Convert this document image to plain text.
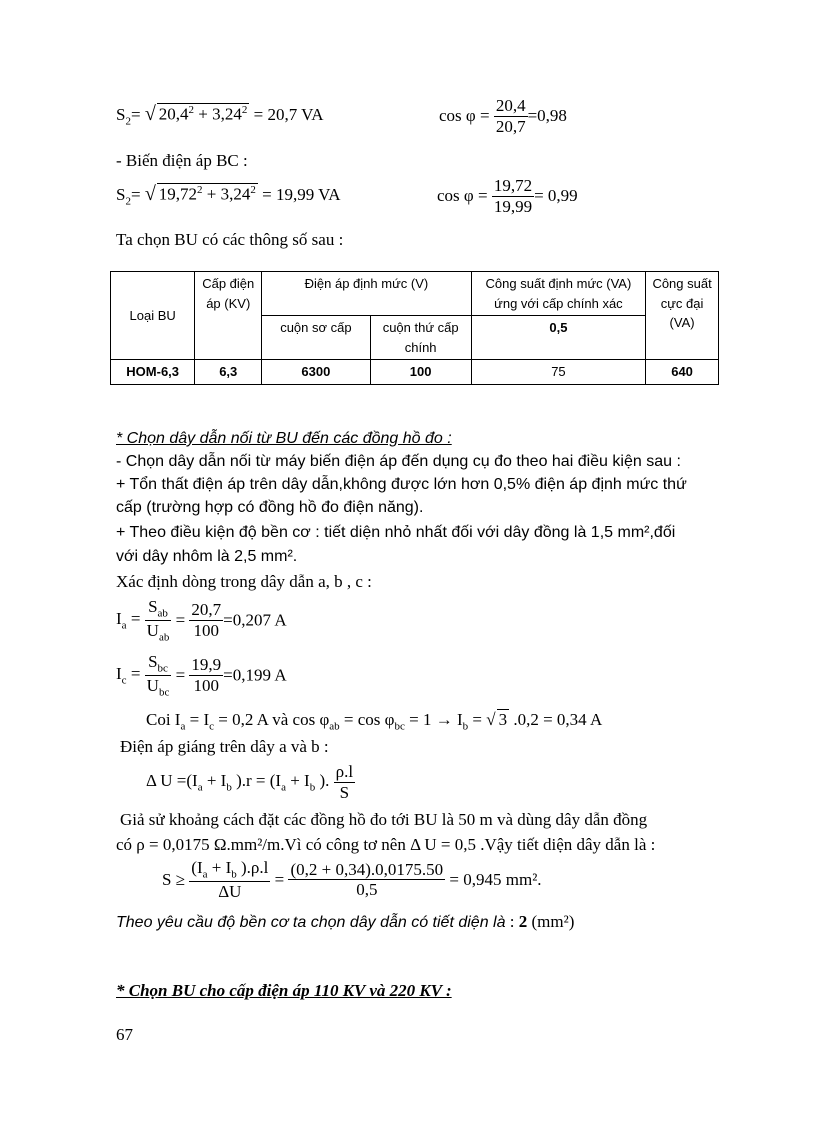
$S_2=$ √ $20,4^2 + 3,24^2 = 20,7$ VA	$\cos \varphi = \frac{20,4}{20,7} =0,98$
- Biến điện áp BC :
$S_2=$ √ $19,72^2 + 3,24^2 = 19,99$ VA	$\cos \varphi = \frac{19,72}{19,99} = 0,99$
Ta chọn BU có các thông số sau :
Loại BU	Cấp điện áp (KV)	Điện áp định mức (V)		Công suất định mức (VA) ứng với cấp chính xác	Công suất cực đại (VA)
		cuộn sơ cấp	cuộn thứ cấp chính	0,5	
HOM-6,3	6,3	6300	100	75	640
* Chọn dây dẫn nối từ BU đến các đồng hồ đo :
- Chọn dây dẫn nối từ máy biến điện áp đến dụng cụ đo theo hai điều kiện sau :
+ Tổn thất điện áp trên dây dẫn,không được lớn hơn 0,5% điện áp định mức thứ
cấp (trường hợp có đồng hồ đo điện năng).
+ Theo điều kiện độ bền cơ : tiết diện nhỏ nhất đối với dây đồng là 1,5 mm²,đối
với dây nhôm là 2,5 mm².
Xác định dòng trong dây dẫn a, b , c :
$I_a = \frac{S_{ab}}{U_{ab}} = \frac{20,7}{100} =0,207$ A
$I_c = \frac{S_{bc}}{U_{bc}} = \frac{19,9}{100} =0,199$ A
Coi $I_a = I_c = 0,2$ A và $\cos \varphi_{ab} = \cos \varphi_{bc} = 1 \to I_b$ = √ 3 .0,2 = 0,34 A
Điện áp giáng trên dây a và b :
Δ $U =(I_a + I_b$ )$.r = (I_a + I_b$ ). $\frac{\rho.l}{S}$
Giả sử khoảng cách đặt các đồng hồ đo tới BU là 50 m và dùng dây dẫn đồng
có ρ = 0,0175 Ω.mm²/m.Vì có công tơ nên Δ U = 0,5 .Vậy tiết diện dây dẫn là :
$S \ge \frac{(I_a + I_b ).\rho.l}{\Delta U} = \frac{(0,2 + 0,34).0,0175.50}{0,5} = 0,945$ mm².
Theo yêu cầu độ bền cơ ta chọn dây dẫn có tiết diện là : 2 (mm²)
* Chọn BU cho cấp điện áp 110 KV và 220 KV :
67
